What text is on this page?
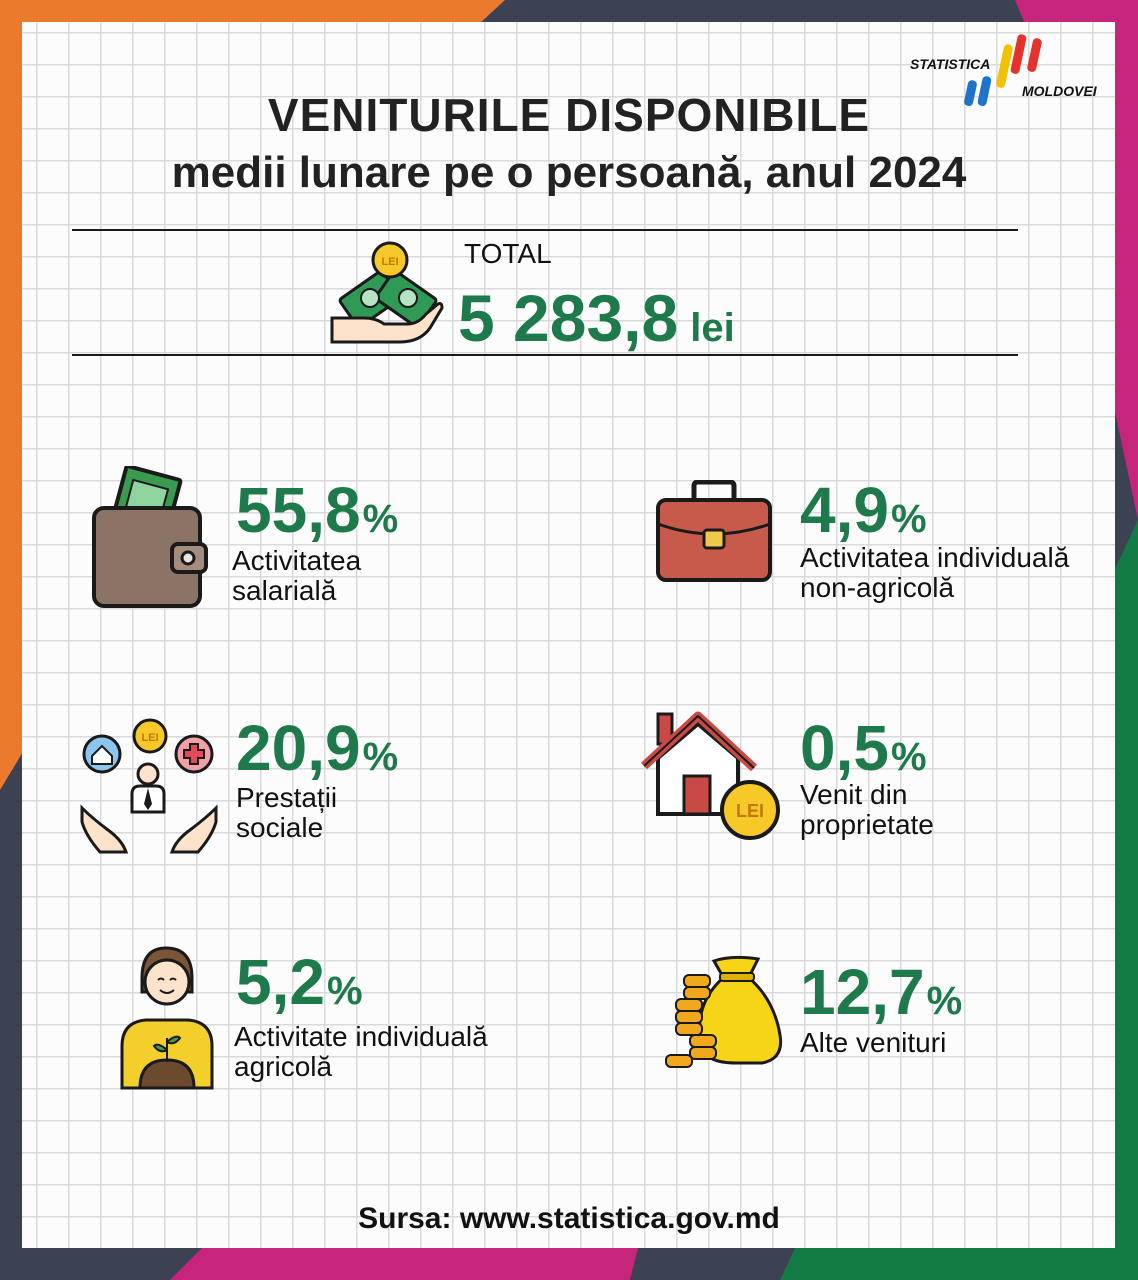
STATISTICA
MOLDOVEI
VENITURILE DISPONIBILE
medii lunare pe o persoană, anul 2024
LEI TOTAL
5 283,8 lei
55,8%
Activitatea
salarială
4,9%
Activitatea individuală
non-agricolă
LEI 20,9%
Prestații
sociale
LEI
0,5%
Venit din
proprietate
5,2%
Activitate individuală
agricolă
12,7%
Alte venituri
Sursa: www.statistica.gov.md
